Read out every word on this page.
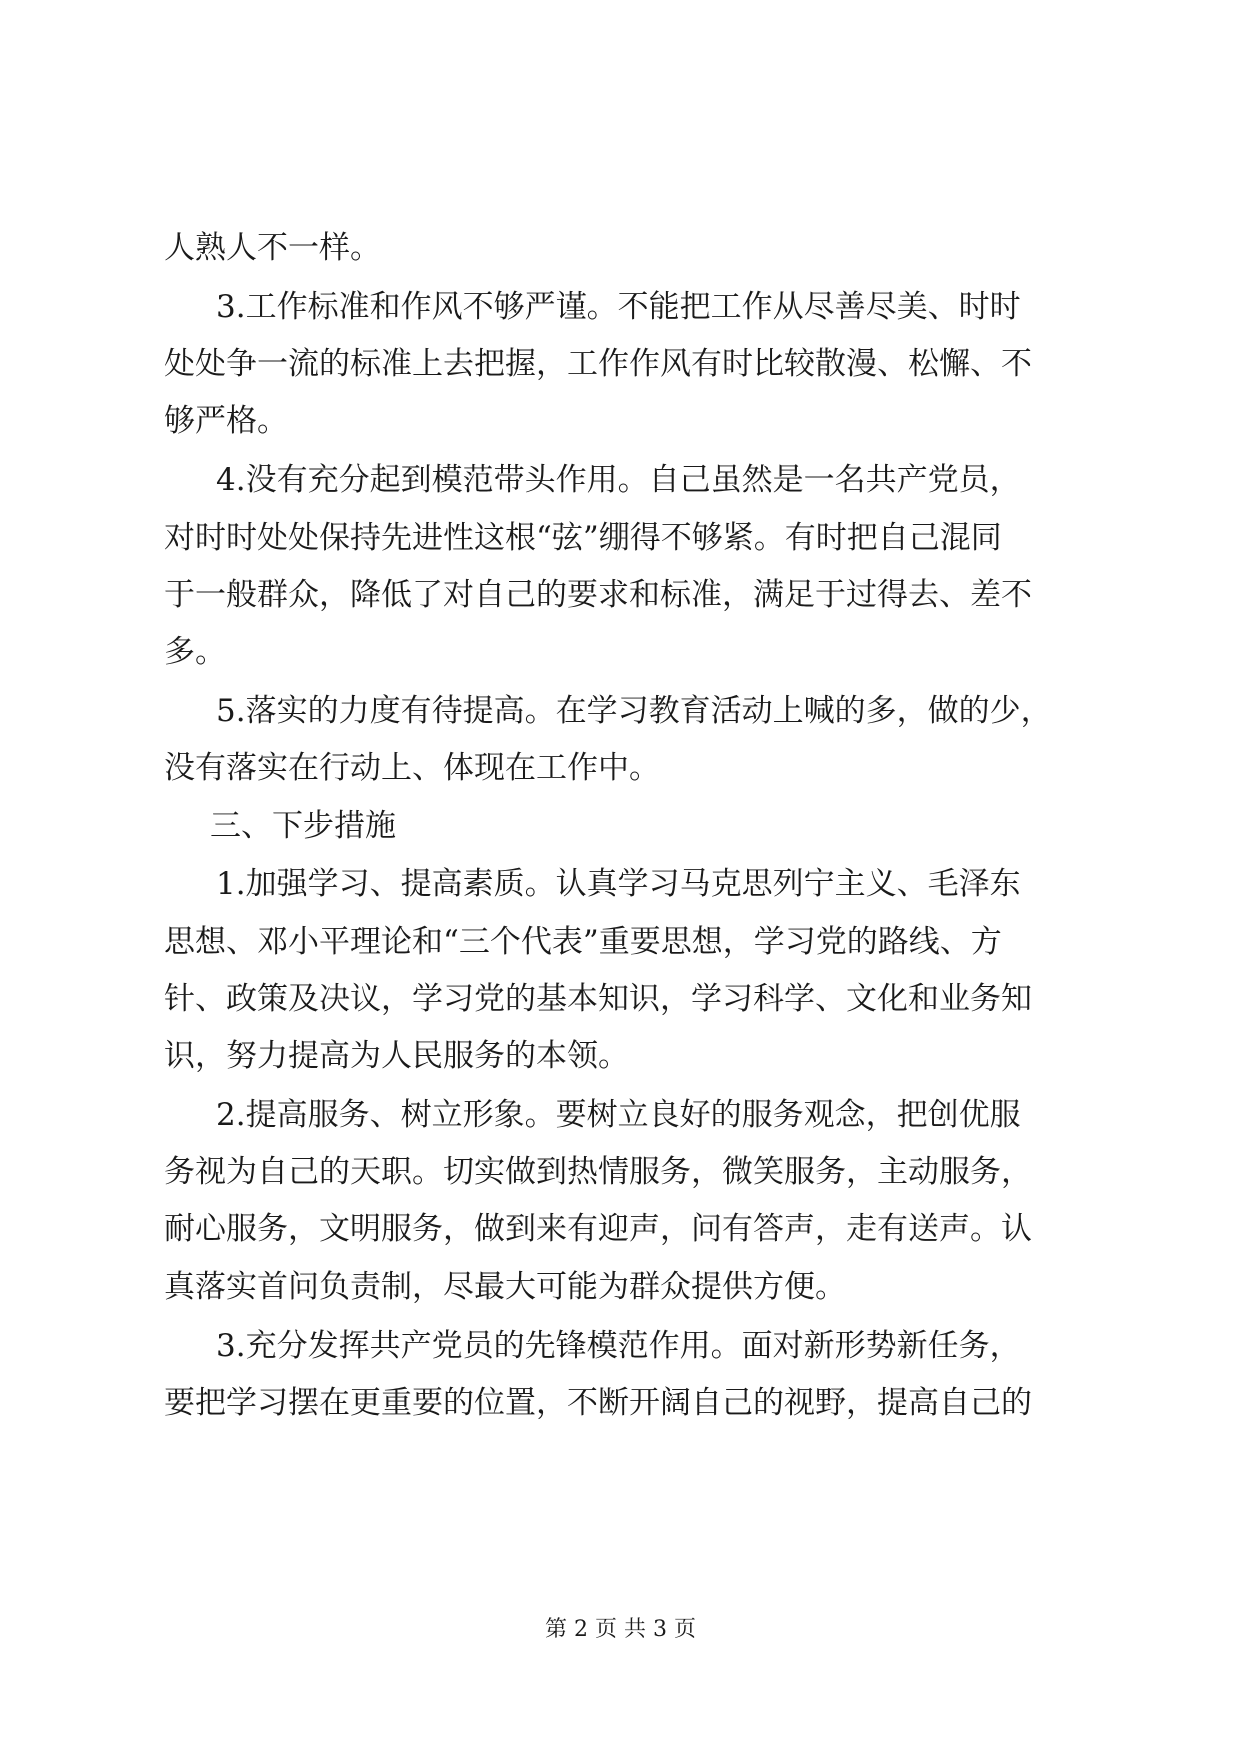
人熟人不一样。
3.工作标准和作风不够严谨。不能把工作从尽善尽美、时时
处处争一流的标准上去把握，工作作风有时比较散漫、松懈、不
够严格。
4.没有充分起到模范带头作用。自己虽然是一名共产党员，
对时时处处保持先进性这根“弦”绷得不够紧。有时把自己混同
于一般群众，降低了对自己的要求和标准，满足于过得去、差不
多。
5.落实的力度有待提高。在学习教育活动上喊的多，做的少，
没有落实在行动上、体现在工作中。
三、下步措施
1.加强学习、提高素质。认真学习马克思列宁主义、毛泽东
思想、邓小平理论和“三个代表”重要思想，学习党的路线、方
针、政策及决议，学习党的基本知识，学习科学、文化和业务知
识，努力提高为人民服务的本领。
2.提高服务、树立形象。要树立良好的服务观念，把创优服
务视为自己的天职。切实做到热情服务，微笑服务，主动服务，
耐心服务，文明服务，做到来有迎声，问有答声，走有送声。认
真落实首问负责制，尽最大可能为群众提供方便。
3.充分发挥共产党员的先锋模范作用。面对新形势新任务，
要把学习摆在更重要的位置，不断开阔自己的视野，提高自己的
第 2 页 共 3 页
